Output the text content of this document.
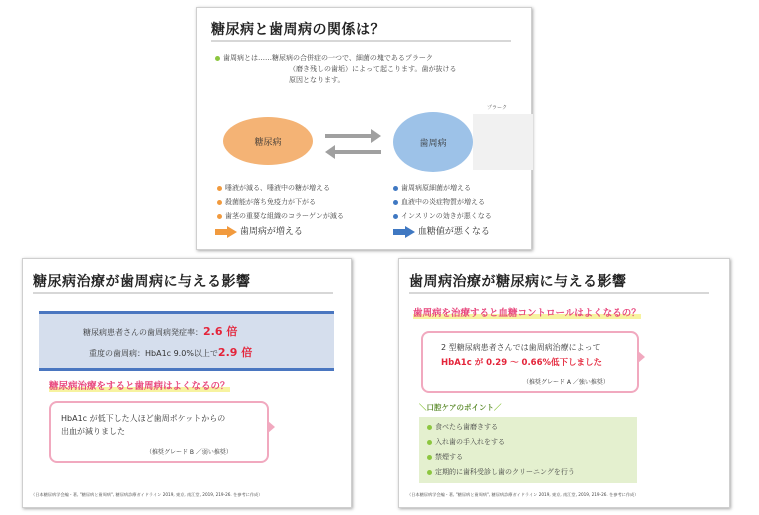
糖尿病と歯周病の関係は？
歯周病とは……糖尿病の合併症の一つで、細菌の塊であるプラーク
（磨き残しの歯垢）によって起こります。歯が抜ける
原因となります。
プラーク
糖尿病	歯周病
唾液が減る、唾液中の糖が増える
殺菌能が落ち免疫力が下がる
歯茎の重要な組織のコラーゲンが減る
歯周病原細菌が増える
血液中の炎症物質が増える
インスリンの効きが悪くなる
歯周病が増える	血糖値が悪くなる
糖尿病治療が歯周病に与える影響
糖尿病患者さんの歯周病発症率：2.6 倍
重度の歯周病：HbA1c 9.0%以上で2.9 倍
糖尿病治療をすると歯周病はよくなるの？
HbA1c が低下した人ほど歯周ポケットからの
出血が減りました
（推奨グレード B ／弱い推奨）
（日本糖尿病学会編・著, "糖尿病と歯周病", 糖尿病診療ガイドライン 2019, 東京, 南江堂, 2019, 219-26. を参考に作成）
歯周病治療が糖尿病に与える影響
歯周病を治療すると血糖コントロールはよくなるの？
2 型糖尿病患者さんでは歯周病治療によって
HbA1c が 0.29 ～ 0.66%低下しました
（推奨グレード A ／強い推奨）
＼口腔ケアのポイント／
食べたら歯磨きする
入れ歯の手入れをする
禁煙する
定期的に歯科受診し歯のクリーニングを行う
（日本糖尿病学会編・著, "糖尿病と歯周病", 糖尿病診療ガイドライン 2019, 東京, 南江堂, 2019, 219-26. を参考に作成）
